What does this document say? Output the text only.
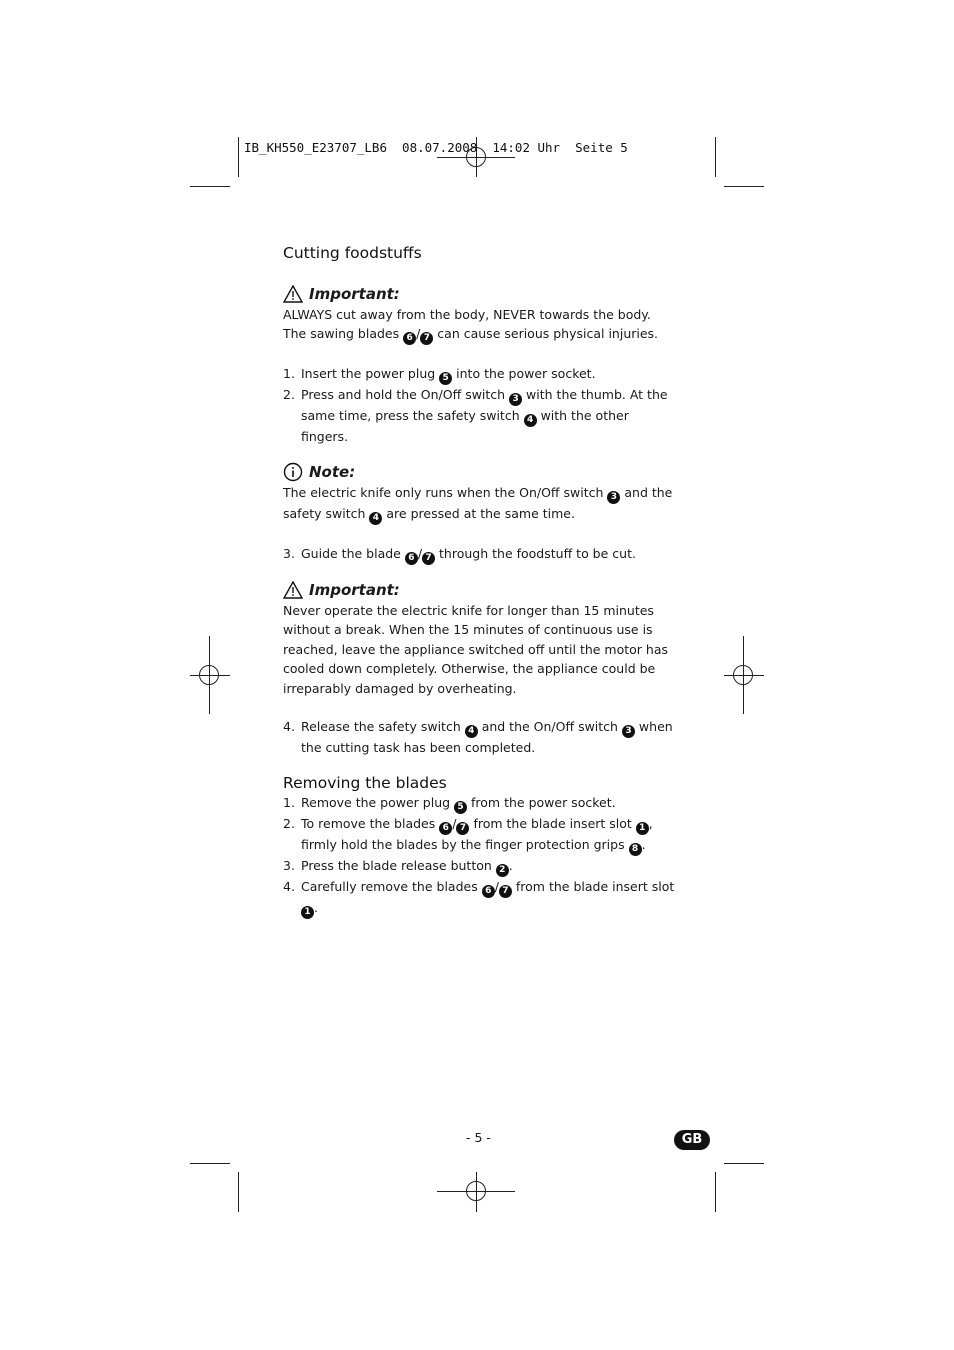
IB_KH550_E23707_LB6  08.07.2008  14:02 Uhr  Seite 5
Cutting foodstuffs
Important:

ALWAYS cut away from the body, NEVER towards the body. The sawing blades 6 / 7 can cause serious physical injuries.

1. Insert the power plug 5 into the power socket.
2. Press and hold the On/Off switch 3 with the thumb. At the same time, press the safety switch 4 with the other fingers.
Note:

The electric knife only runs when the On/Off switch 3 and the safety switch 4 are pressed at the same time.

3. Guide the blade 6 / 7 through the foodstuff to be cut.
Important:

Never operate the electric knife for longer than 15 minutes without a break. When the 15 minutes of continuous use is reached, leave the appliance switched off until the motor has cooled down completely. Otherwise, the appliance could be irreparably damaged by overheating.

4. Release the safety switch 4 and the On/Off switch 3 when the cutting task has been completed.
Removing the blades
1. Remove the power plug 5 from the power socket.
2. To remove the blades 6 / 7 from the blade insert slot 1 , firmly hold the blades by the finger protection grips 8 .
3. Press the blade release button 2 .
4. Carefully remove the blades 6 / 7 from the blade insert slot 1 .
- 5 -	GB
